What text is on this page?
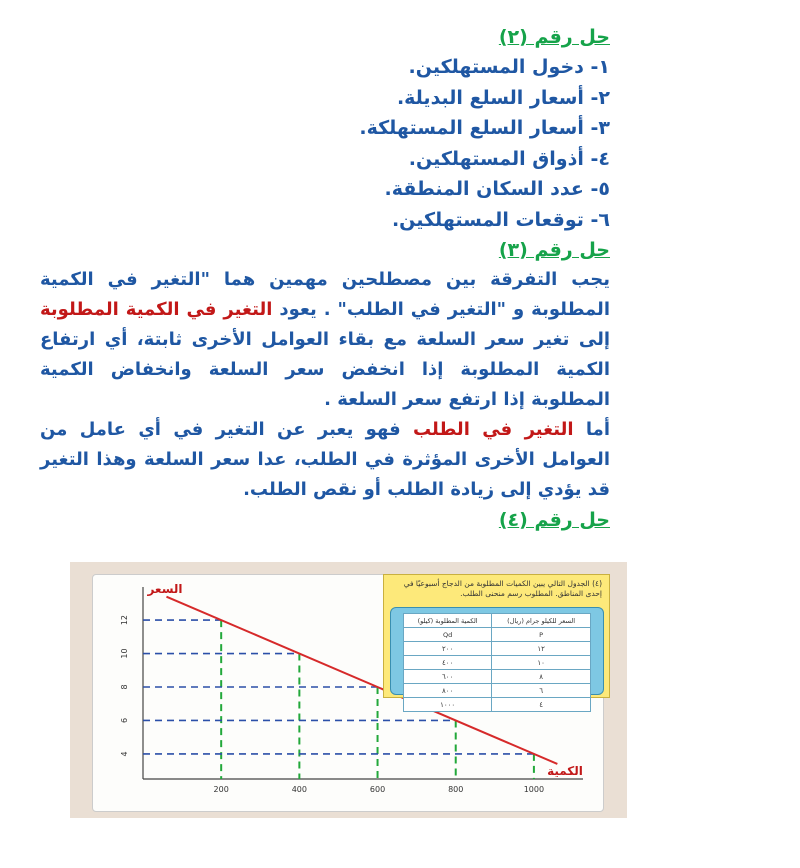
حل رقم (٢)
١- دخول المستهلكين.
٢- أسعار السلع البديلة.
٣- أسعار السلع المستهلكة.
٤- أذواق المستهلكين.
٥- عدد السكان المنطقة.
٦- توقعات المستهلكين.
حل رقم (٣)
يجب التفرقة بين مصطلحين مهمين هما "التغير في الكمية المطلوبة و "التغير في الطلب" . يعود التغير في الكمية المطلوبة إلى تغير سعر السلعة مع بقاء العوامل الأخرى ثابتة، أي ارتفاع الكمية المطلوبة إذا انخفض سعر السلعة وانخفاض الكمية المطلوبة إذا ارتفع سعر السلعة .
أما التغير في الطلب فهو يعبر عن التغير في أي عامل من العوامل الأخرى المؤثرة في الطلب، عدا سعر السلعة وهذا التغير قد يؤدي إلى زيادة الطلب أو نقص الطلب.
حل رقم (٤)
200	400	600	800	1000
4
6
8
10
12
السعر
الكمية
(٤) الجدول التالي يبين الكميات المطلوبة من الدجاج أسبوعيًا في إحدى المناطق. المطلوب رسم منحنى الطلب.
السعر للكيلو جرام (ريال)	الكمية المطلوبة (كيلو)
P	Qd
١٢	٢٠٠
١٠	٤٠٠
٨	٦٠٠
٦	٨٠٠
٤	١٠٠٠
